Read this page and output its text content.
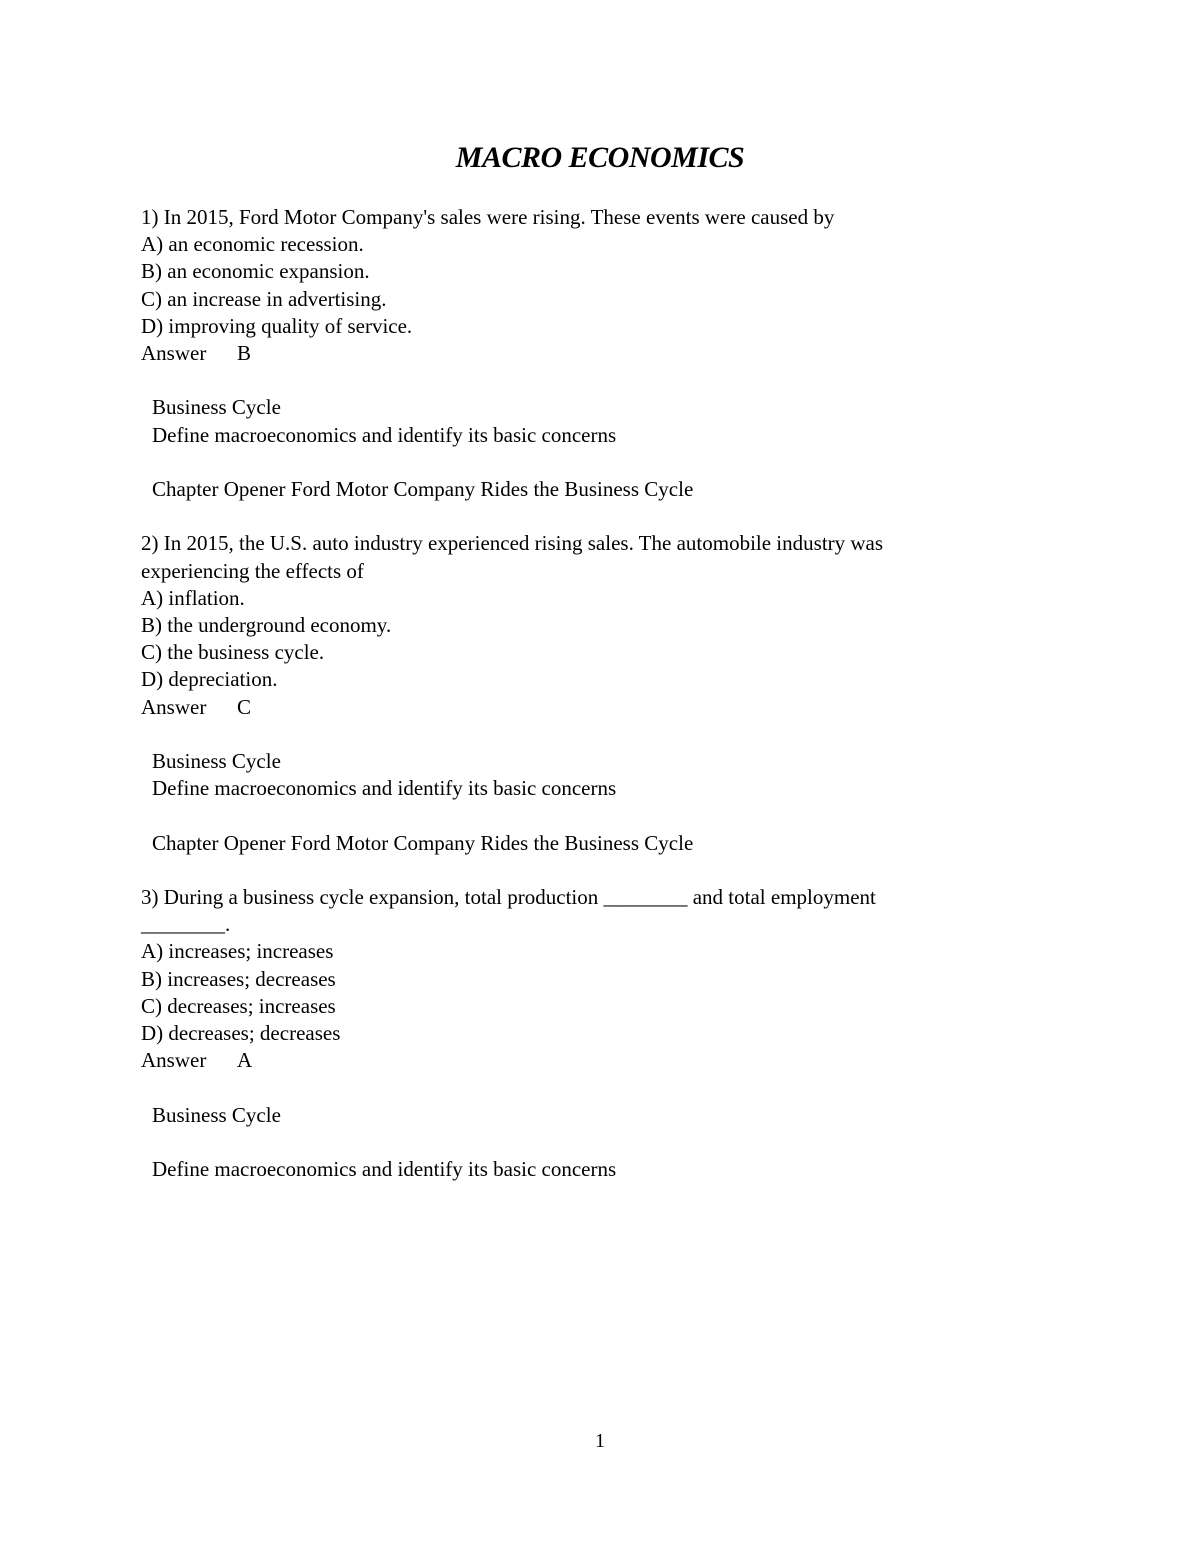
MACRO ECONOMICS
1) In 2015, Ford Motor Company's sales were rising. These events were caused by
A) an economic recession.
B) an economic expansion.
C) an increase in advertising.
D) improving quality of service.
Answer B
Business Cycle
Define macroeconomics and identify its basic concerns
Chapter Opener Ford Motor Company Rides the Business Cycle
2) In 2015, the U.S. auto industry experienced rising sales. The automobile industry was
experiencing the effects of
A) inflation.
B) the underground economy.
C) the business cycle.
D) depreciation.
Answer C
Business Cycle
Define macroeconomics and identify its basic concerns
Chapter Opener Ford Motor Company Rides the Business Cycle
3) During a business cycle expansion, total production ________ and total employment
________.
A) increases; increases
B) increases; decreases
C) decreases; increases
D) decreases; decreases
Answer A
Business Cycle
Define macroeconomics and identify its basic concerns
1
